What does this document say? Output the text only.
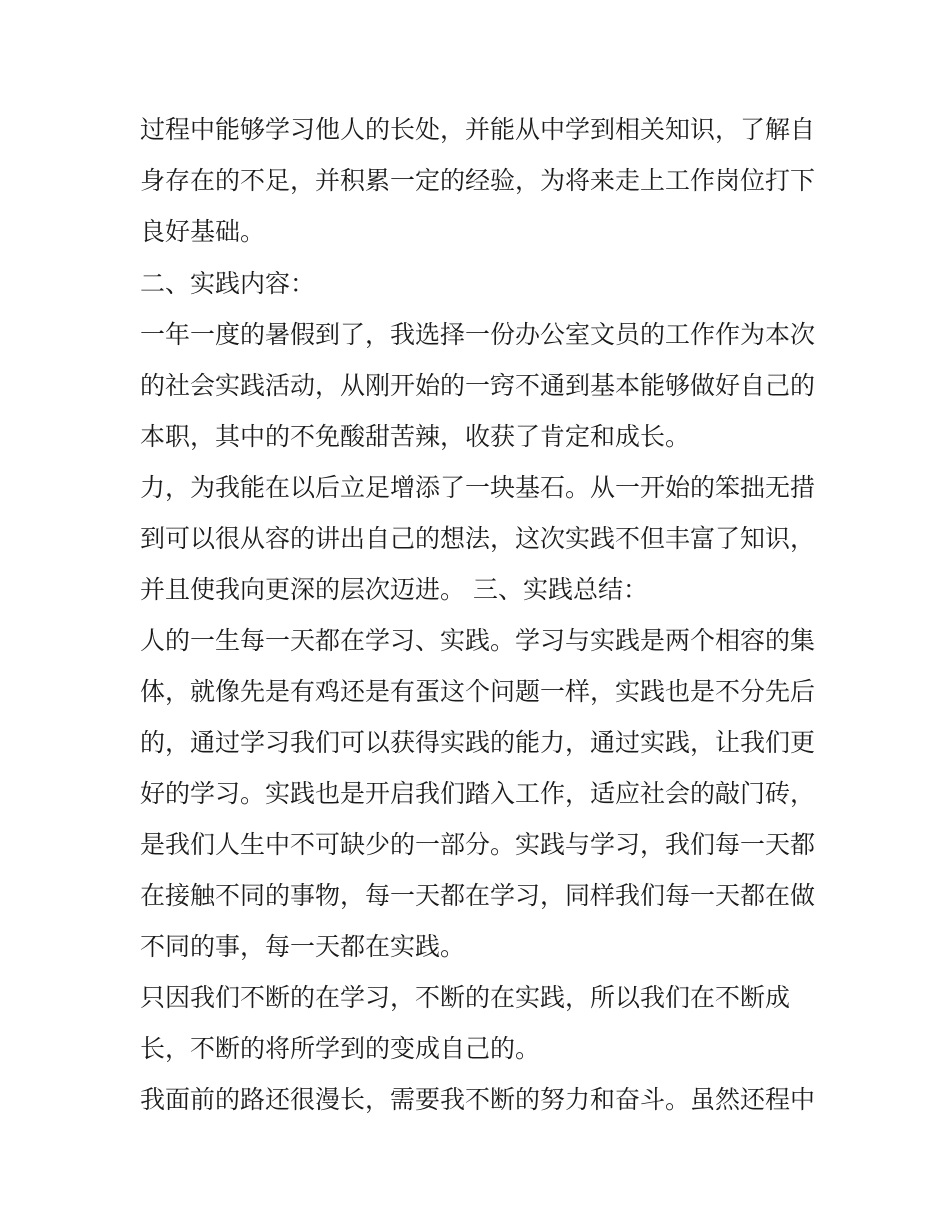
过程中能够学习他人的长处，并能从中学到相关知识，了解自
身存在的不足，并积累一定的经验，为将来走上工作岗位打下
良好基础。
二、实践内容：
一年一度的暑假到了，我选择一份办公室文员的工作作为本次
的社会实践活动，从刚开始的一窍不通到基本能够做好自己的
本职，其中的不免酸甜苦辣，收获了肯定和成长。
力，为我能在以后立足增添了一块基石。从一开始的笨拙无措
到可以很从容的讲出自己的想法，这次实践不但丰富了知识，
并且使我向更深的层次迈进。 三、实践总结：
人的一生每一天都在学习、实践。学习与实践是两个相容的集
体，就像先是有鸡还是有蛋这个问题一样，实践也是不分先后
的，通过学习我们可以获得实践的能力，通过实践，让我们更
好的学习。实践也是开启我们踏入工作，适应社会的敲门砖，
是我们人生中不可缺少的一部分。实践与学习，我们每一天都
在接触不同的事物，每一天都在学习，同样我们每一天都在做
不同的事，每一天都在实践。
只因我们不断的在学习，不断的在实践，所以我们在不断成
长，不断的将所学到的变成自己的。
我面前的路还很漫长，需要我不断的努力和奋斗。虽然还程中
